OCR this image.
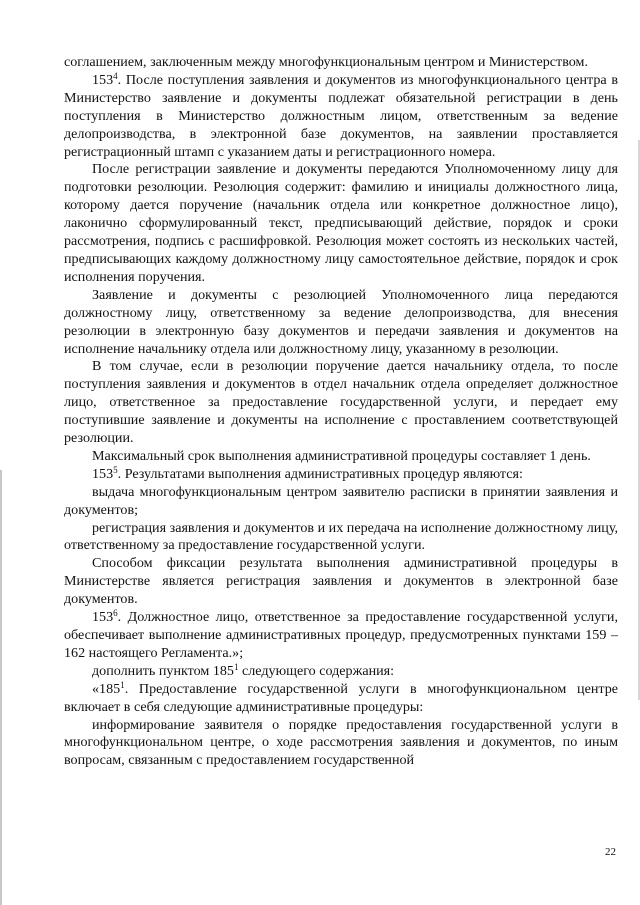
соглашением, заключенным между многофункциональным центром и Министерством.

$153^4$. После поступления заявления и документов из многофункционального центра в Министерство заявление и документы подлежат обязательной регистрации в день поступления в Министерство должностным лицом, ответственным за ведение делопроизводства, в электронной базе документов, на заявлении проставляется регистрационный штамп с указанием даты и регистрационного номера.

После регистрации заявление и документы передаются Уполномоченному лицу для подготовки резолюции. Резолюция содержит: фамилию и инициалы должностного лица, которому дается поручение (начальник отдела или конкретное должностное лицо), лаконично сформулированный текст, предписывающий действие, порядок и сроки рассмотрения, подпись с расшифровкой. Резолюция может состоять из нескольких частей, предписывающих каждому должностному лицу самостоятельное действие, порядок и срок исполнения поручения.

Заявление и документы с резолюцией Уполномоченного лица передаются должностному лицу, ответственному за ведение делопроизводства, для внесения резолюции в электронную базу документов и передачи заявления и документов на исполнение начальнику отдела или должностному лицу, указанному в резолюции.

В том случае, если в резолюции поручение дается начальнику отдела, то после поступления заявления и документов в отдел начальник отдела определяет должностное лицо, ответственное за предоставление государственной услуги, и передает ему поступившие заявление и документы на исполнение с проставлением соответствующей резолюции.

Максимальный срок выполнения административной процедуры составляет 1 день.

$153^5$. Результатами выполнения административных процедур являются:

выдача многофункциональным центром заявителю расписки в принятии заявления и документов;

регистрация заявления и документов и их передача на исполнение должностному лицу, ответственному за предоставление государственной услуги.

Способом фиксации результата выполнения административной процедуры в Министерстве является регистрация заявления и документов в электронной базе документов.

$153^6$. Должностное лицо, ответственное за предоставление государственной услуги, обеспечивает выполнение административных процедур, предусмотренных пунктами 159 – 162 настоящего Регламента.»;

дополнить пунктом $185^1$ следующего содержания:

«$185^1$. Предоставление государственной услуги в многофункциональном центре включает в себя следующие административные процедуры:

информирование заявителя о порядке предоставления государственной услуги в многофункциональном центре, о ходе рассмотрения заявления и документов, по иным вопросам, связанным с предоставлением государственной

22
